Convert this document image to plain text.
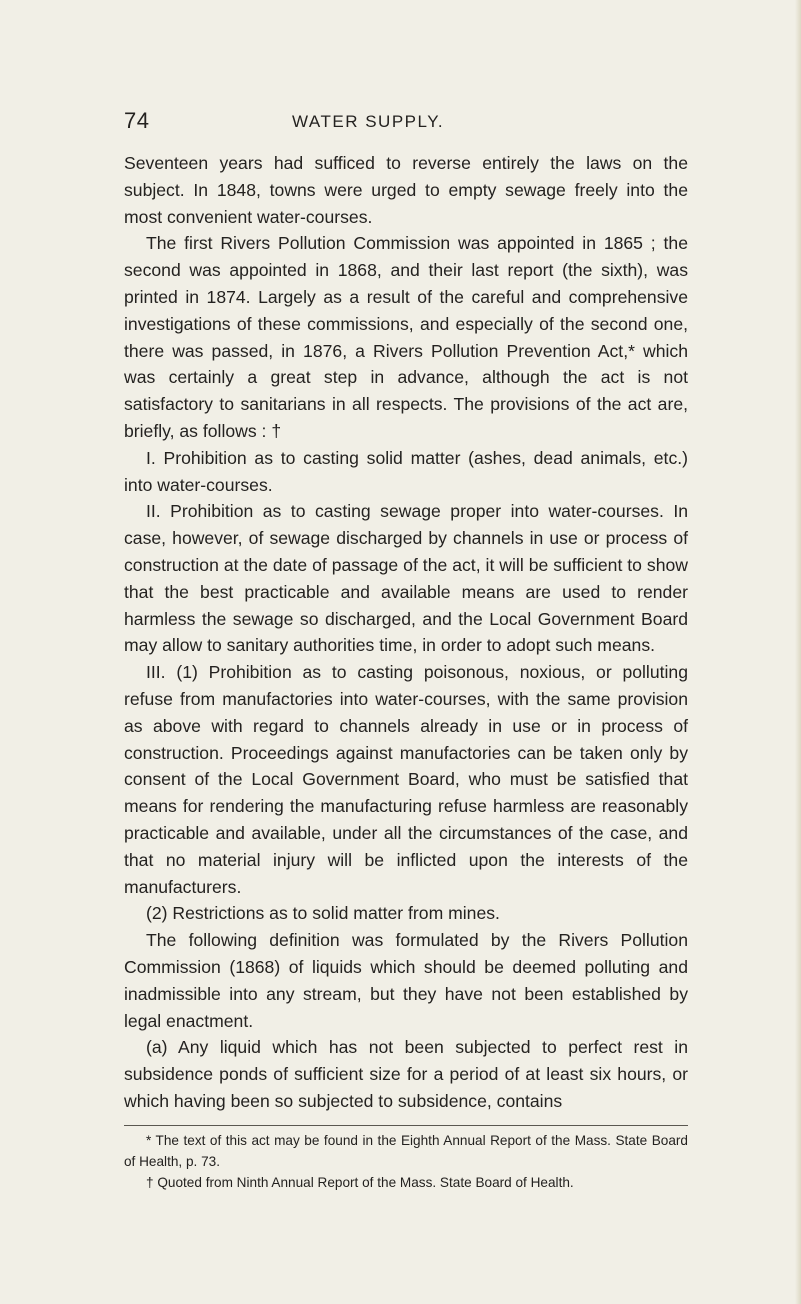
74	WATER SUPPLY.

Seventeen years had sufficed to reverse entirely the laws on the subject. In 1848, towns were urged to empty sewage freely into the most convenient water-courses.

The first Rivers Pollution Commission was appointed in 1865 ; the second was appointed in 1868, and their last report (the sixth), was printed in 1874. Largely as a result of the careful and comprehensive investigations of these commissions, and especially of the second one, there was passed, in 1876, a Rivers Pollution Prevention Act,* which was certainly a great step in advance, although the act is not satisfactory to sanitarians in all respects. The provisions of the act are, briefly, as follows : †

I. Prohibition as to casting solid matter (ashes, dead animals, etc.) into water-courses.

II. Prohibition as to casting sewage proper into water-courses. In case, however, of sewage discharged by channels in use or process of construction at the date of passage of the act, it will be sufficient to show that the best practicable and available means are used to render harmless the sewage so discharged, and the Local Government Board may allow to sanitary authorities time, in order to adopt such means.

III. (1) Prohibition as to casting poisonous, noxious, or polluting refuse from manufactories into water-courses, with the same provision as above with regard to channels already in use or in process of construction. Proceedings against manufactories can be taken only by consent of the Local Government Board, who must be satisfied that means for rendering the manufacturing refuse harmless are reasonably practicable and available, under all the circumstances of the case, and that no material injury will be inflicted upon the interests of the manufacturers.

(2) Restrictions as to solid matter from mines.

The following definition was formulated by the Rivers Pollution Commission (1868) of liquids which should be deemed polluting and inadmissible into any stream, but they have not been established by legal enactment.

(a) Any liquid which has not been subjected to perfect rest in subsidence ponds of sufficient size for a period of at least six hours, or which having been so subjected to subsidence, contains

* The text of this act may be found in the Eighth Annual Report of the Mass. State Board of Health, p. 73.

† Quoted from Ninth Annual Report of the Mass. State Board of Health.
